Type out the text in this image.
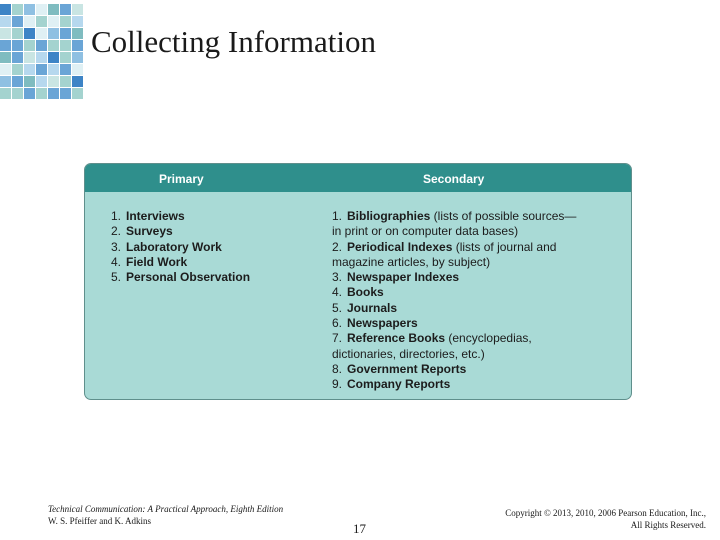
Collecting Information
Primary	Secondary
1. Interviews
2. Surveys
3. Laboratory Work
4. Field Work
5. Personal Observation
1. Bibliographies (lists of possible sources—
in print or on computer data bases)
2. Periodical Indexes (lists of journal and
magazine articles, by subject)
3. Newspaper Indexes
4. Books
5. Journals
6. Newspapers
7. Reference Books (encyclopedias,
dictionaries, directories, etc.)
8. Government Reports
9. Company Reports
Technical Communication: A Practical Approach, Eighth Edition
W. S. Pfeiffer and K. Adkins	17
Copyright © 2013, 2010, 2006 Pearson Education, Inc.,
All Rights Reserved.
